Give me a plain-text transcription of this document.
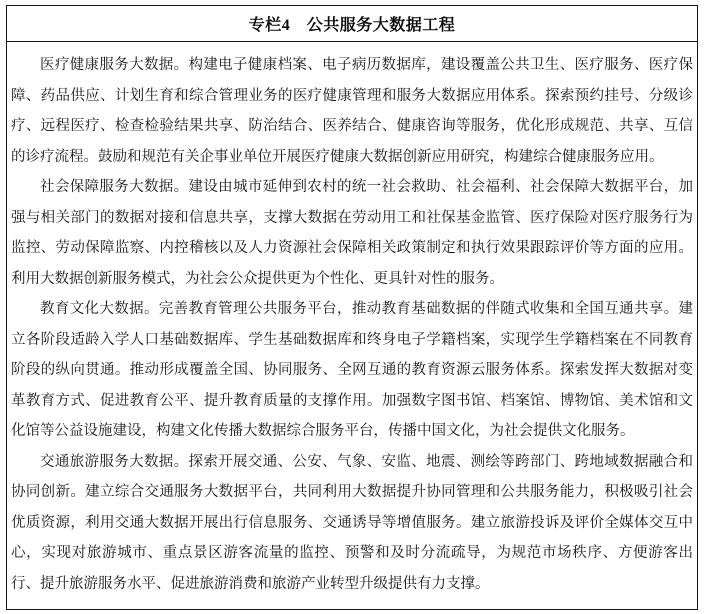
专栏4　公共服务大数据工程
医疗健康服务大数据。构建电子健康档案、电子病历数据库，建设覆盖公共卫生、医疗服务、医疗保
障、药品供应、计划生育和综合管理业务的医疗健康管理和服务大数据应用体系。探索预约挂号、分级诊
疗、远程医疗、检查检验结果共享、防治结合、医养结合、健康咨询等服务，优化形成规范、共享、互信
的诊疗流程。鼓励和规范有关企事业单位开展医疗健康大数据创新应用研究，构建综合健康服务应用。
社会保障服务大数据。建设由城市延伸到农村的统一社会救助、社会福利、社会保障大数据平台，加
强与相关部门的数据对接和信息共享，支撑大数据在劳动用工和社保基金监管、医疗保险对医疗服务行为
监控、劳动保障监察、内控稽核以及人力资源社会保障相关政策制定和执行效果跟踪评价等方面的应用。
利用大数据创新服务模式，为社会公众提供更为个性化、更具针对性的服务。
教育文化大数据。完善教育管理公共服务平台，推动教育基础数据的伴随式收集和全国互通共享。建
立各阶段适龄入学人口基础数据库、学生基础数据库和终身电子学籍档案，实现学生学籍档案在不同教育
阶段的纵向贯通。推动形成覆盖全国、协同服务、全网互通的教育资源云服务体系。探索发挥大数据对变
革教育方式、促进教育公平、提升教育质量的支撑作用。加强数字图书馆、档案馆、博物馆、美术馆和文
化馆等公益设施建设，构建文化传播大数据综合服务平台，传播中国文化，为社会提供文化服务。
交通旅游服务大数据。探索开展交通、公安、气象、安监、地震、测绘等跨部门、跨地域数据融合和
协同创新。建立综合交通服务大数据平台，共同利用大数据提升协同管理和公共服务能力，积极吸引社会
优质资源，利用交通大数据开展出行信息服务、交通诱导等增值服务。建立旅游投诉及评价全媒体交互中
心，实现对旅游城市、重点景区游客流量的监控、预警和及时分流疏导，为规范市场秩序、方便游客出
行、提升旅游服务水平、促进旅游消费和旅游产业转型升级提供有力支撑。
